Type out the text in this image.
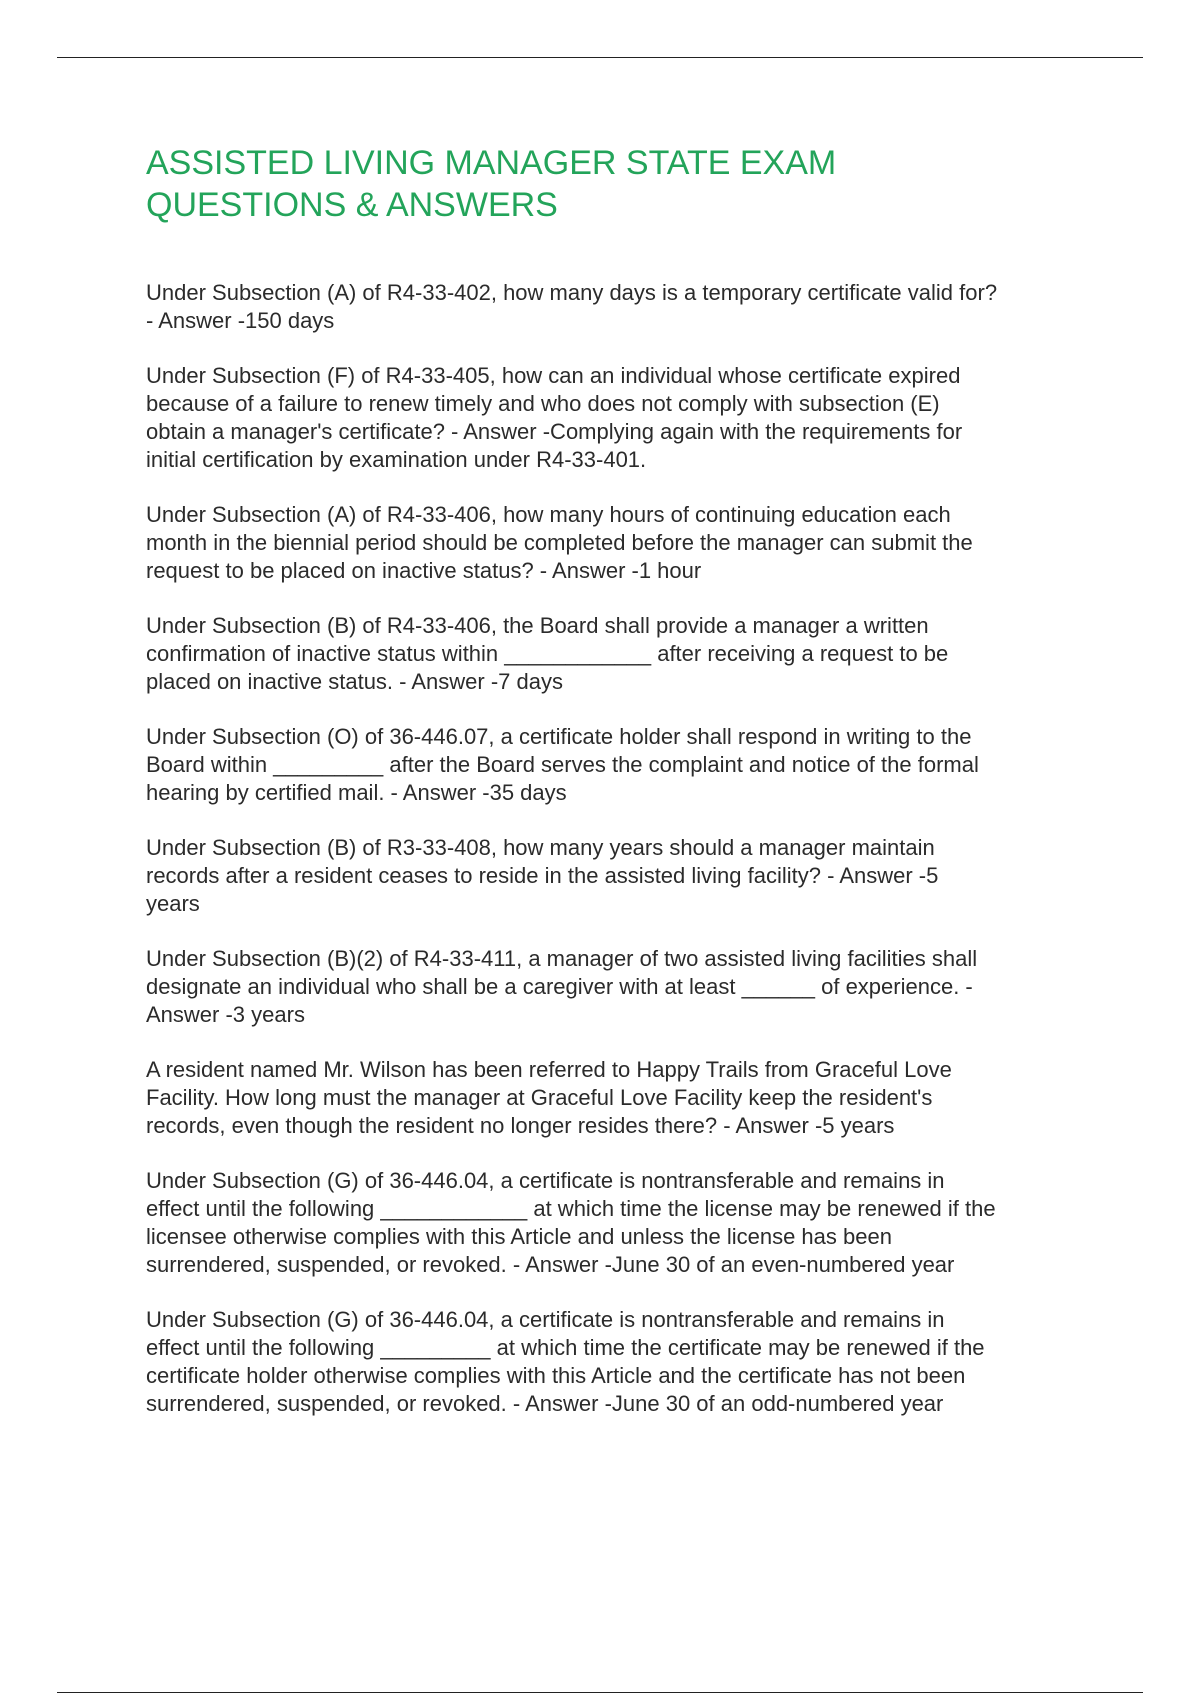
ASSISTED LIVING MANAGER STATE EXAM
QUESTIONS & ANSWERS

Under Subsection (A) of R4-33-402, how many days is a temporary certificate valid for?
- Answer -150 days

Under Subsection (F) of R4-33-405, how can an individual whose certificate expired
because of a failure to renew timely and who does not comply with subsection (E)
obtain a manager's certificate? - Answer -Complying again with the requirements for
initial certification by examination under R4-33-401.

Under Subsection (A) of R4-33-406, how many hours of continuing education each
month in the biennial period should be completed before the manager can submit the
request to be placed on inactive status? - Answer -1 hour

Under Subsection (B) of R4-33-406, the Board shall provide a manager a written
confirmation of inactive status within ____________ after receiving a request to be
placed on inactive status. - Answer -7 days

Under Subsection (O) of 36-446.07, a certificate holder shall respond in writing to the
Board within _________ after the Board serves the complaint and notice of the formal
hearing by certified mail. - Answer -35 days

Under Subsection (B) of R3-33-408, how many years should a manager maintain
records after a resident ceases to reside in the assisted living facility? - Answer -5
years

Under Subsection (B)(2) of R4-33-411, a manager of two assisted living facilities shall
designate an individual who shall be a caregiver with at least ______ of experience. -
Answer -3 years

A resident named Mr. Wilson has been referred to Happy Trails from Graceful Love
Facility. How long must the manager at Graceful Love Facility keep the resident's
records, even though the resident no longer resides there? - Answer -5 years

Under Subsection (G) of 36-446.04, a certificate is nontransferable and remains in
effect until the following ____________ at which time the license may be renewed if the
licensee otherwise complies with this Article and unless the license has been
surrendered, suspended, or revoked. - Answer -June 30 of an even-numbered year

Under Subsection (G) of 36-446.04, a certificate is nontransferable and remains in
effect until the following _________ at which time the certificate may be renewed if the
certificate holder otherwise complies with this Article and the certificate has not been
surrendered, suspended, or revoked. - Answer -June 30 of an odd-numbered year
